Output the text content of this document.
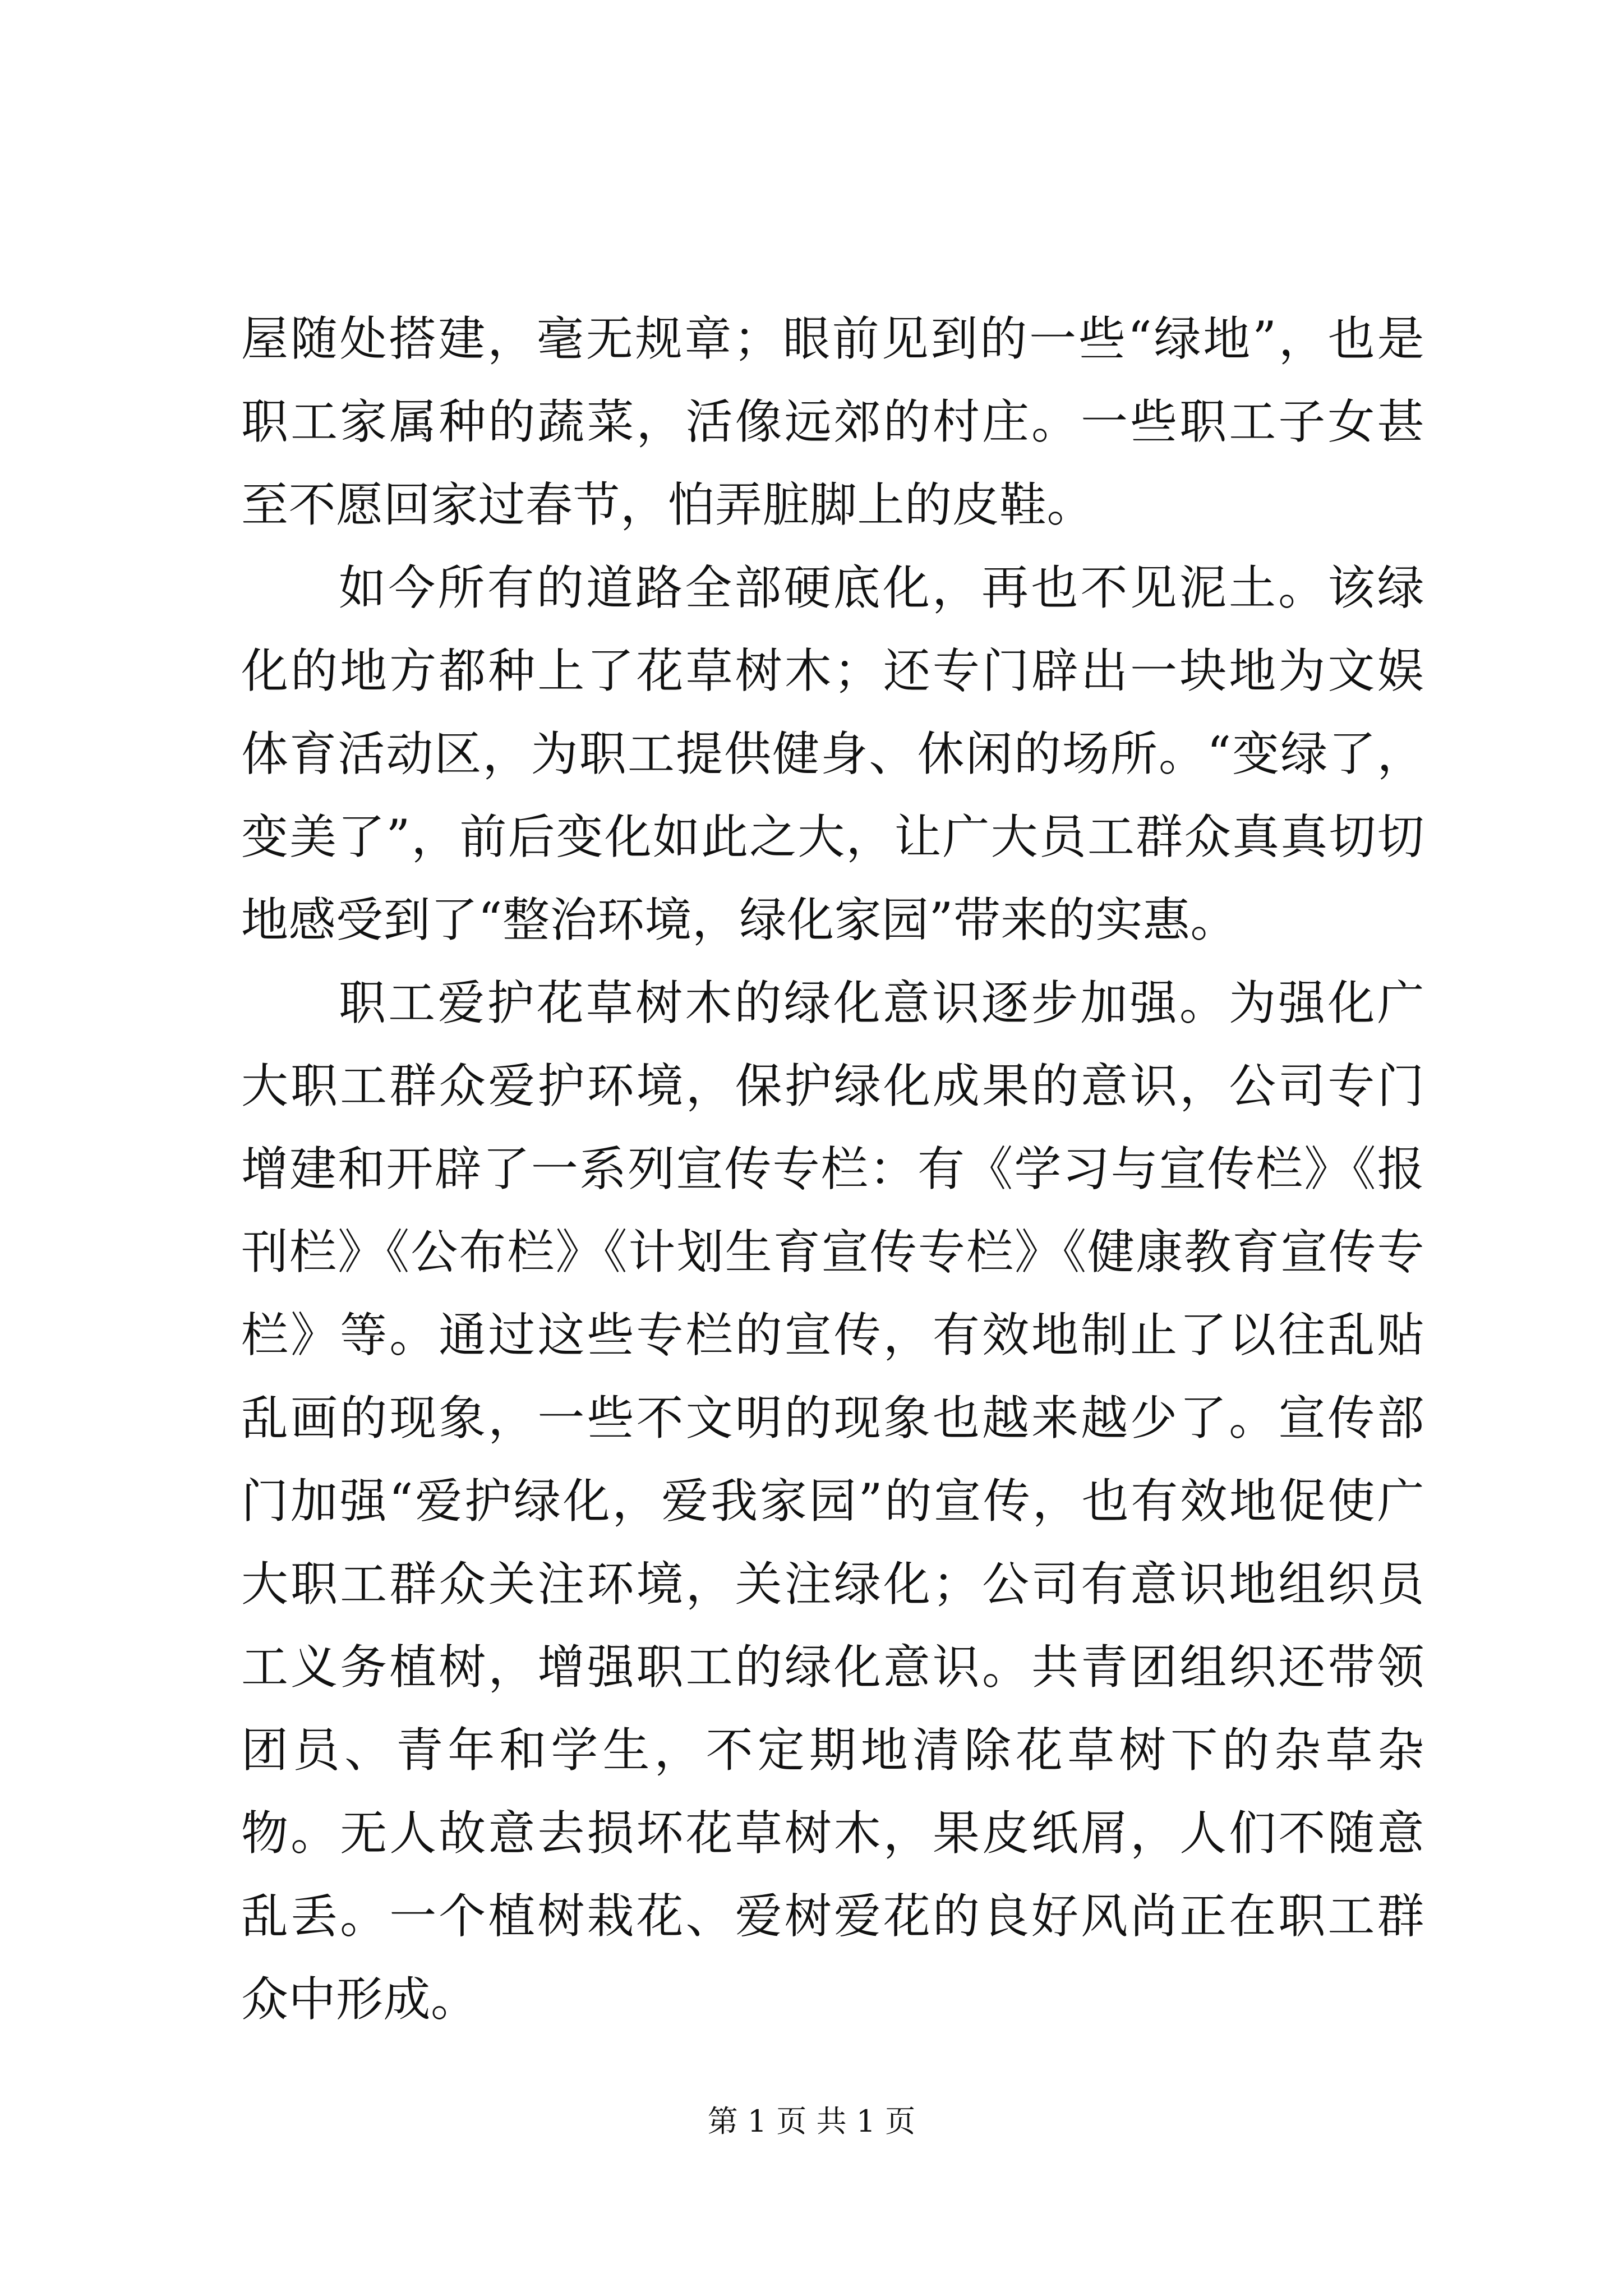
屋随处搭建，毫无规章；眼前见到的一些“绿地”，也是职工家属种的蔬菜，活像远郊的村庄。一些职工子女甚至不愿回家过春节，怕弄脏脚上的皮鞋。

如今所有的道路全部硬底化，再也不见泥土。该绿化的地方都种上了花草树木；还专门辟出一块地为文娱体育活动区，为职工提供健身、休闲的场所。“变绿了，变美了”，前后变化如此之大，让广大员工群众真真切切地感受到了“整治环境，绿化家园”带来的实惠。

职工爱护花草树木的绿化意识逐步加强。为强化广大职工群众爱护环境，保护绿化成果的意识，公司专门增建和开辟了一系列宣传专栏：有《学习与宣传栏》《报刊栏》《公布栏》《计划生育宣传专栏》《健康教育宣传专栏》等。通过这些专栏的宣传，有效地制止了以往乱贴乱画的现象，一些不文明的现象也越来越少了。宣传部门加强“爱护绿化，爱我家园”的宣传，也有效地促使广大职工群众关注环境，关注绿化；公司有意识地组织员工义务植树，增强职工的绿化意识。共青团组织还带领团员、青年和学生，不定期地清除花草树下的杂草杂物。无人故意去损坏花草树木，果皮纸屑，人们不随意乱丢。一个植树栽花、爱树爱花的良好风尚正在职工群众中形成。

第 1 页 共 1 页
